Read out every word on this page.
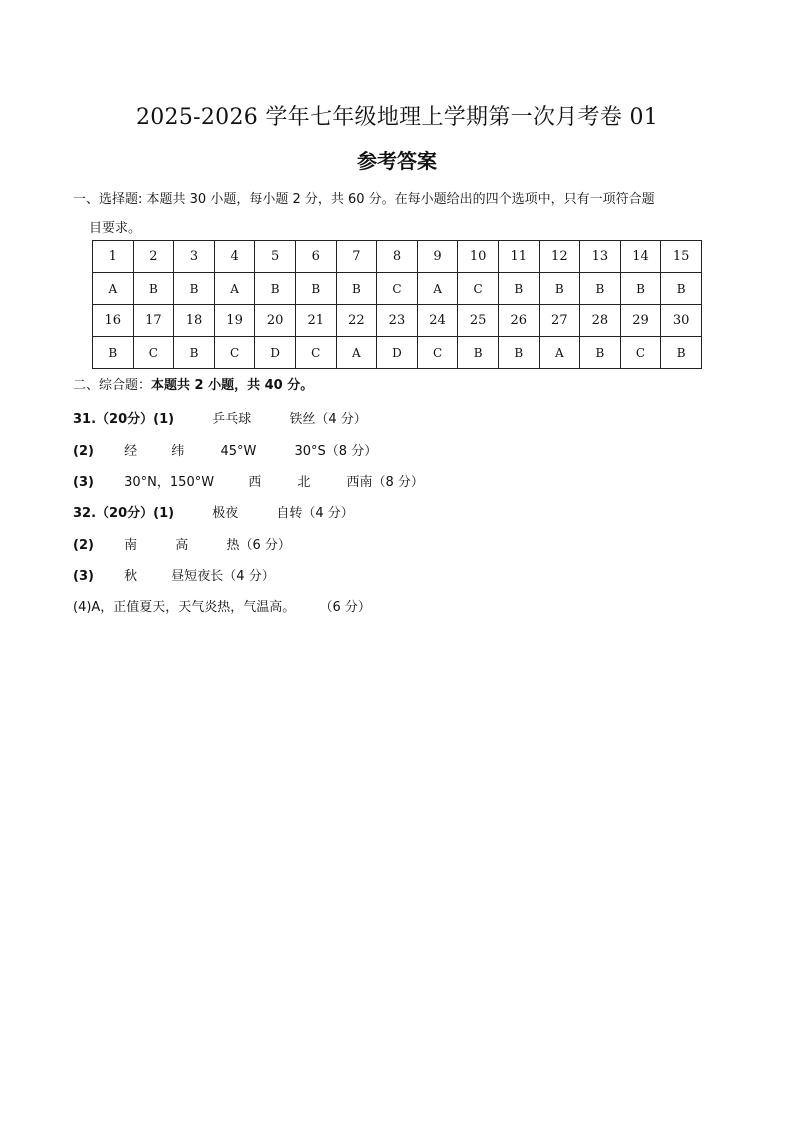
2025-2026 学年七年级地理上学期第一次月考卷 01
参考答案
一、选择题: 本题共 30 小题，每小题 2 分，共 60 分。在每小题给出的四个选项中，只有一项符合题
目要求。
1	2	3	4	5	6	7	8	9	10	11	12	13	14	15
A	B	B	A	B	B	B	C	A	C	B	B	B	B	B
16	17	18	19	20	21	22	23	24	25	26	27	28	29	30
B	C	B	C	D	C	A	D	C	B	B	A	B	C	B
二、综合题：本题共 2 小题，共 40 分。
31.（20分）(1)	乒乓球	铁丝（4 分）
(2) 经	纬	45°W	30°S（8 分）
(3) 30°N，150°W	西	北	西南（8 分）
32.（20分）(1)	极夜	自转（4 分）
(2) 南	高	热（6 分）
(3) 秋	昼短夜长（4 分）
(4)A，正值夏天，天气炎热，气温高。 （6 分）
